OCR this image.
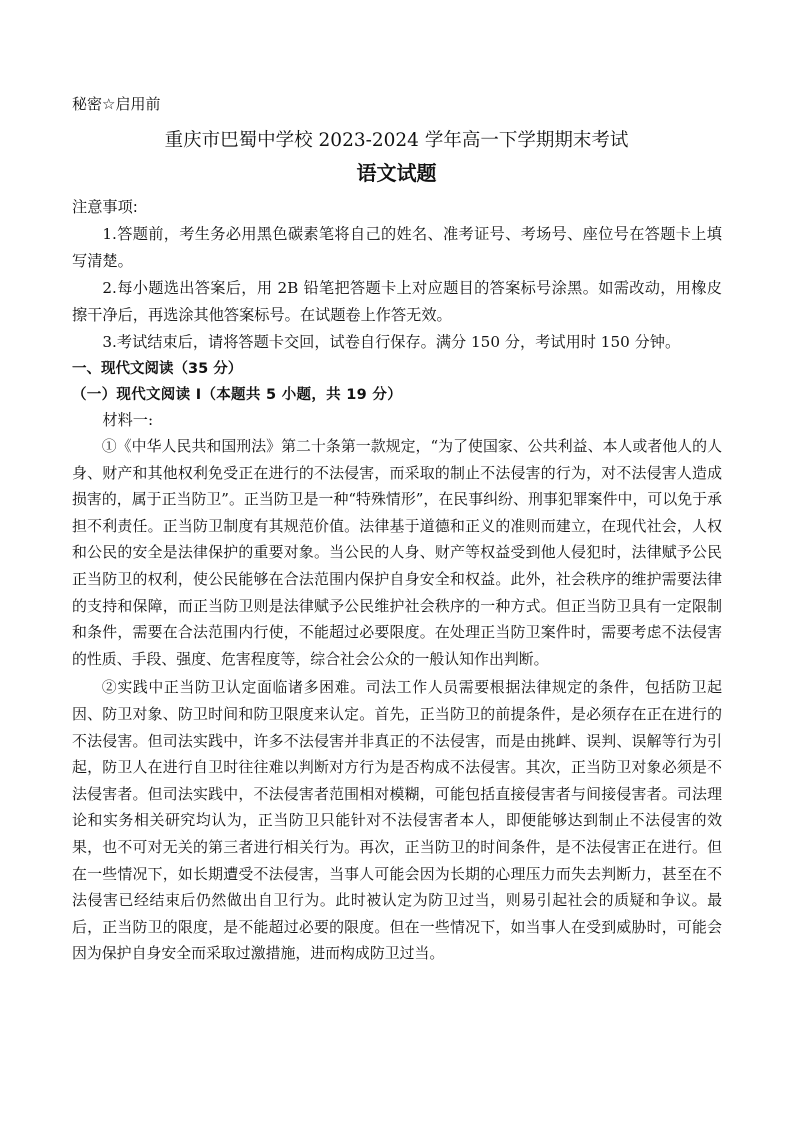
秘密☆启用前
重庆市巴蜀中学校 2023-2024 学年高一下学期期末考试
语文试题
注意事项:

1.答题前，考生务必用黑色碳素笔将自己的姓名、准考证号、考场号、座位号在答题卡上填写清楚。

2.每小题选出答案后，用 2B 铅笔把答题卡上对应题目的答案标号涂黑。如需改动，用橡皮擦干净后，再选涂其他答案标号。在试题卷上作答无效。

3.考试结束后，请将答题卡交回，试卷自行保存。满分 150 分，考试用时 150 分钟。

一、现代文阅读（35 分）
（一）现代文阅读 I（本题共 5 小题，共 19 分）
材料一:

①《中华人民共和国刑法》第二十条第一款规定，“为了使国家、公共利益、本人或者他人的人身、财产和其他权利免受正在进行的不法侵害，而采取的制止不法侵害的行为，对不法侵害人造成损害的，属于正当防卫”。正当防卫是一种“特殊情形”，在民事纠纷、刑事犯罪案件中，可以免于承担不利责任。正当防卫制度有其规范价值。法律基于道德和正义的准则而建立，在现代社会，人权和公民的安全是法律保护的重要对象。当公民的人身、财产等权益受到他人侵犯时，法律赋予公民正当防卫的权利，使公民能够在合法范围内保护自身安全和权益。此外，社会秩序的维护需要法律的支持和保障，而正当防卫则是法律赋予公民维护社会秩序的一种方式。但正当防卫具有一定限制和条件，需要在合法范围内行使，不能超过必要限度。在处理正当防卫案件时，需要考虑不法侵害的性质、手段、强度、危害程度等，综合社会公众的一般认知作出判断。

②实践中正当防卫认定面临诸多困难。司法工作人员需要根据法律规定的条件，包括防卫起因、防卫对象、防卫时间和防卫限度来认定。首先，正当防卫的前提条件，是必须存在正在进行的不法侵害。但司法实践中，许多不法侵害并非真正的不法侵害，而是由挑衅、误判、误解等行为引起，防卫人在进行自卫时往往难以判断对方行为是否构成不法侵害。其次，正当防卫对象必须是不法侵害者。但司法实践中，不法侵害者范围相对模糊，可能包括直接侵害者与间接侵害者。司法理论和实务相关研究均认为，正当防卫只能针对不法侵害者本人，即便能够达到制止不法侵害的效果，也不可对无关的第三者进行相关行为。再次，正当防卫的时间条件，是不法侵害正在进行。但在一些情况下，如长期遭受不法侵害，当事人可能会因为长期的心理压力而失去判断力，甚至在不法侵害已经结束后仍然做出自卫行为。此时被认定为防卫过当，则易引起社会的质疑和争议。最后，正当防卫的限度，是不能超过必要的限度。但在一些情况下，如当事人在受到威胁时，可能会因为保护自身安全而采取过激措施，进而构成防卫过当。
